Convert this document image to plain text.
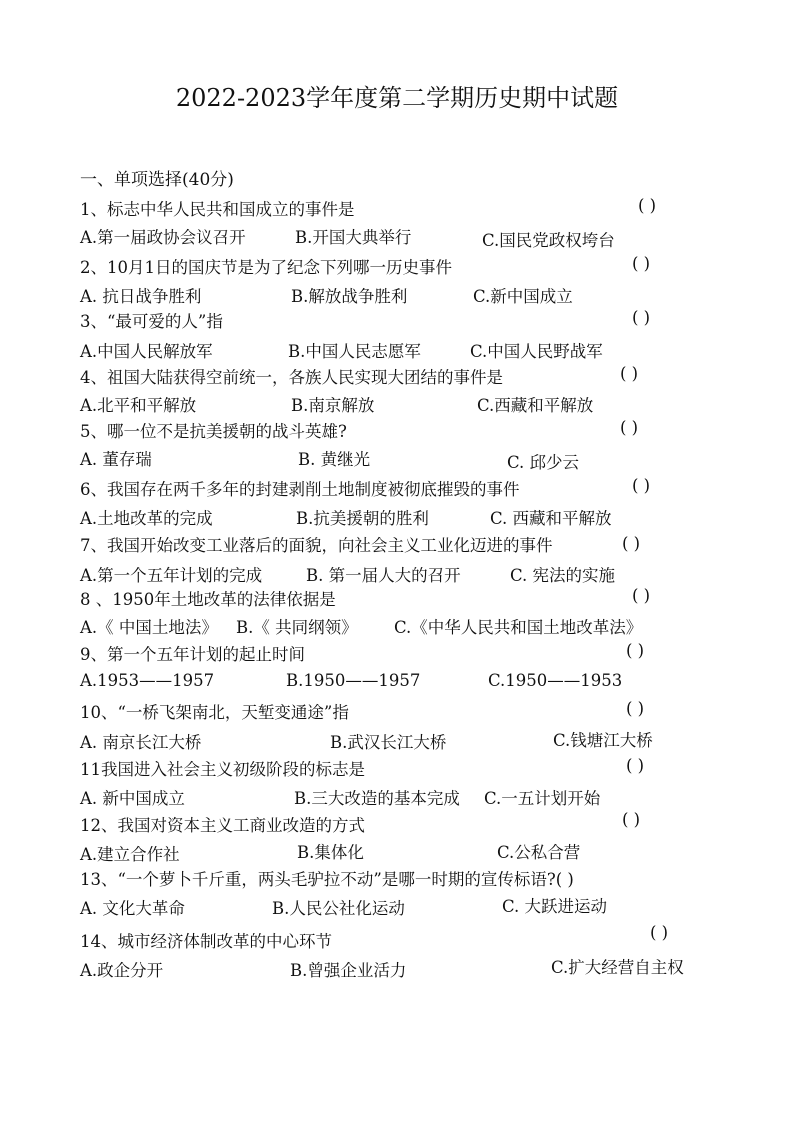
2022-2023学年度第二学期历史期中试题
一、单项选择(40分)
1、标志中华人民共和国成立的事件是	( )
A.第一届政协会议召开	B.开国大典举行	C.国民党政权垮台
2、10月1日的国庆节是为了纪念下列哪一历史事件	( )
A. 抗日战争胜利	B.解放战争胜利	C.新中国成立
3、“最可爱的人”指	( )
A.中国人民解放军	B.中国人民志愿军	C.中国人民野战军
4、祖国大陆获得空前统一，各族人民实现大团结的事件是	( )
A.北平和平解放	B.南京解放	C.西藏和平解放
5、哪一位不是抗美援朝的战斗英雄?	( )
A. 董存瑞	B. 黄继光	C. 邱少云
6、我国存在两千多年的封建剥削土地制度被彻底摧毁的事件	( )
A.土地改革的完成	B.抗美援朝的胜利	C. 西藏和平解放
7、我国开始改变工业落后的面貌，向社会主义工业化迈进的事件	( )
A.第一个五年计划的完成	B. 第一届人大的召开	C. 宪法的实施
8 、1950年土地改革的法律依据是	( )
A.《 中国土地法》 B.《 共同纲领》 C.《中华人民共和国土地改革法》
9、第一个五年计划的起止时间	( )
A.1953——1957	B.1950——1957	C.1950——1953
10、“一桥飞架南北，天堑变通途”指	( )
A. 南京长江大桥	B.武汉长江大桥	C.钱塘江大桥
11我国进入社会主义初级阶段的标志是	( )
A. 新中国成立	B.三大改造的基本完成 C.一五计划开始
12、我国对资本主义工商业改造的方式	( )
A.建立合作社	B.集体化	C.公私合营
13、“一个萝卜千斤重，两头毛驴拉不动”是哪一时期的宣传标语?( )
A. 文化大革命	B.人民公社化运动	C. 大跃进运动
14、城市经济体制改革的中心环节	( )
A.政企分开	B.曾强企业活力	C.扩大经营自主权
